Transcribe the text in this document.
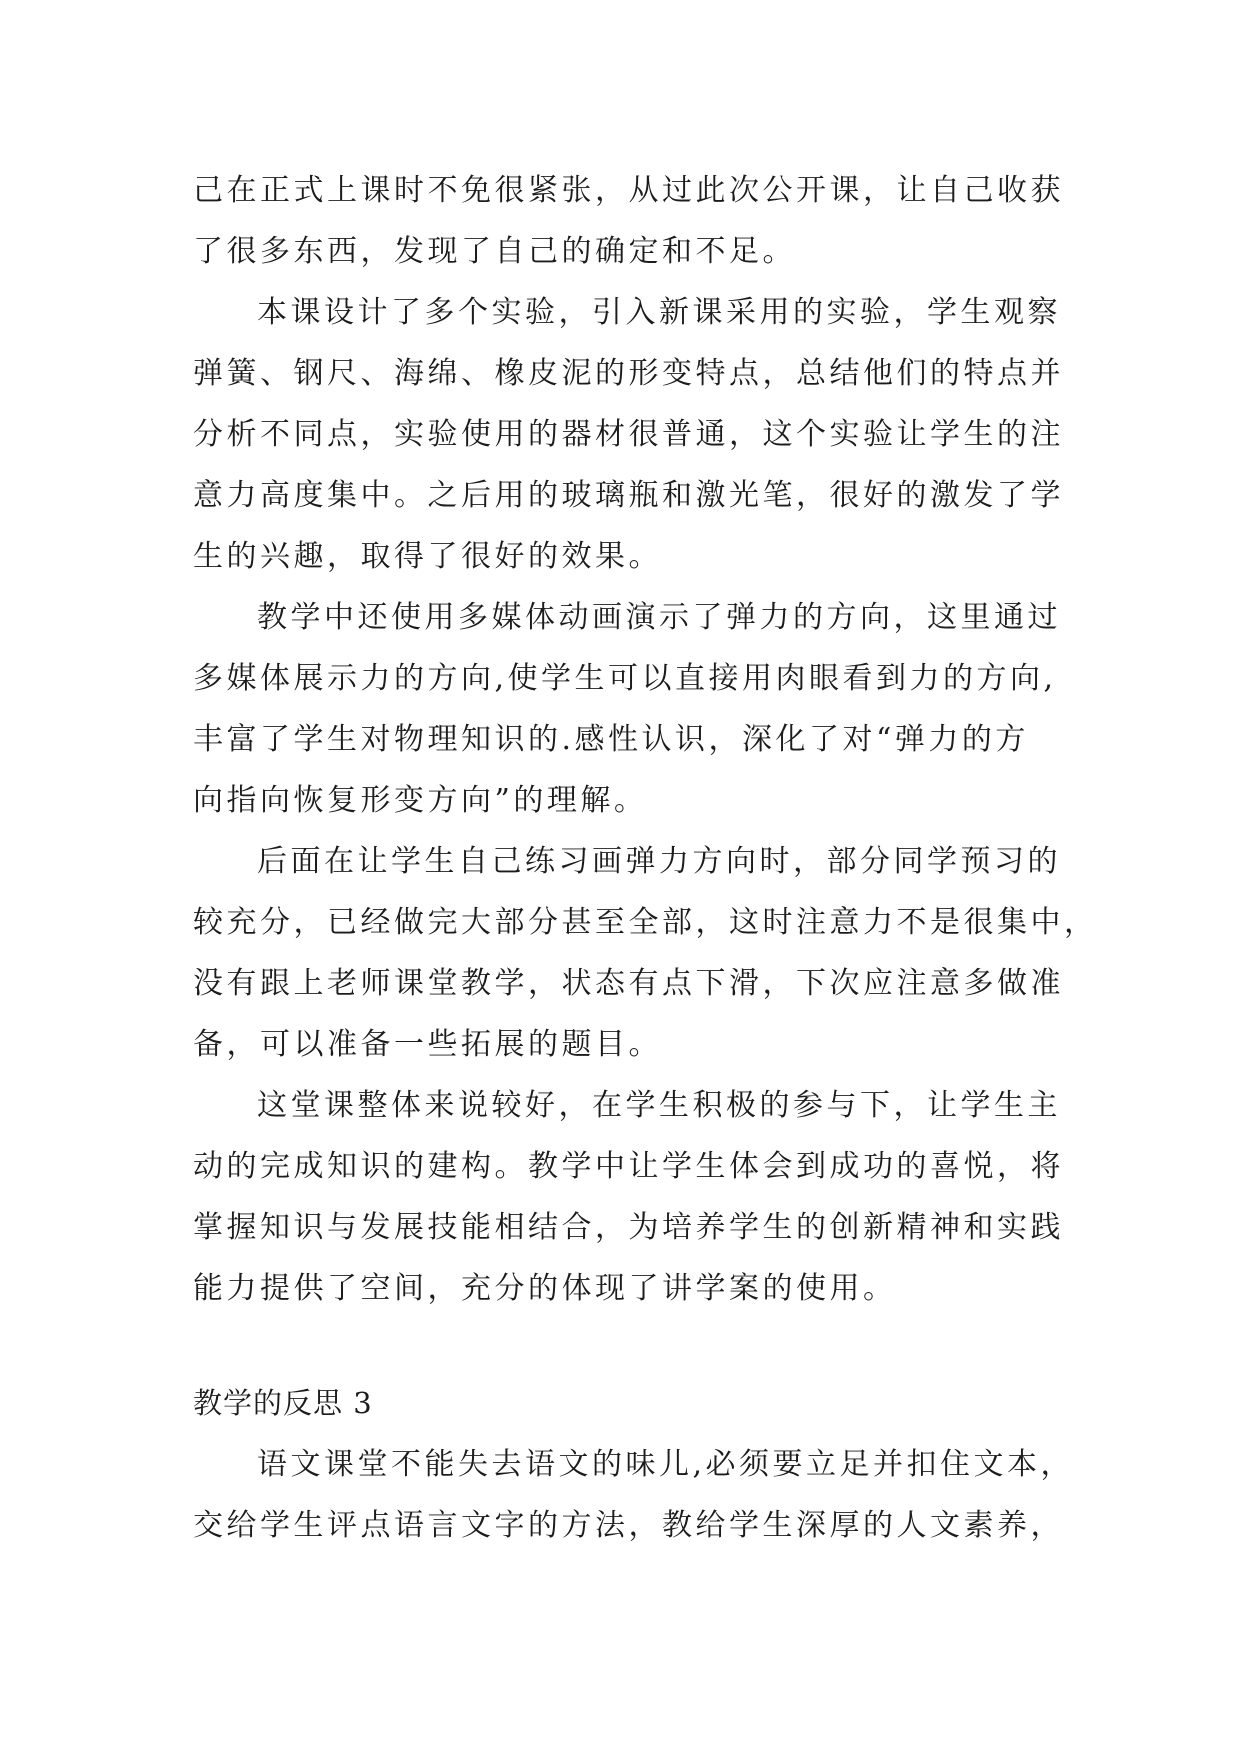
己在正式上课时不免很紧张，从过此次公开课，让自己收获
了很多东西，发现了自己的确定和不足。
本课设计了多个实验，引入新课采用的实验，学生观察
弹簧、钢尺、海绵、橡皮泥的形变特点，总结他们的特点并
分析不同点，实验使用的器材很普通，这个实验让学生的注
意力高度集中。之后用的玻璃瓶和激光笔，很好的激发了学
生的兴趣，取得了很好的效果。
教学中还使用多媒体动画演示了弹力的方向，这里通过
多媒体展示力的方向,使学生可以直接用肉眼看到力的方向,
丰富了学生对物理知识的.感性认识，深化了对“弹力的方
向指向恢复形变方向”的理解。
后面在让学生自己练习画弹力方向时，部分同学预习的
较充分，已经做完大部分甚至全部，这时注意力不是很集中，
没有跟上老师课堂教学，状态有点下滑，下次应注意多做准
备，可以准备一些拓展的题目。
这堂课整体来说较好，在学生积极的参与下，让学生主
动的完成知识的建构。教学中让学生体会到成功的喜悦，将
掌握知识与发展技能相结合，为培养学生的创新精神和实践
能力提供了空间，充分的体现了讲学案的使用。
教学的反思 3
语文课堂不能失去语文的味儿,必须要立足并扣住文本，
交给学生评点语言文字的方法，教给学生深厚的人文素养，
